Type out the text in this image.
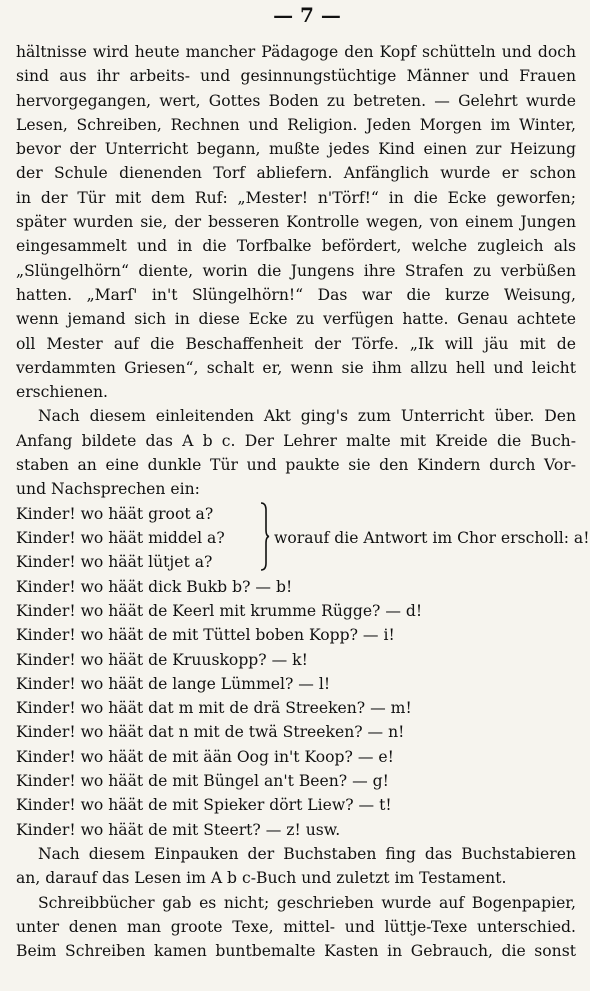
— 7 —
hältnisse wird heute mancher Pädagoge den Kopf schütteln und doch
sind aus ihr arbeits- und gesinnungstüchtige Männer und Frauen
hervorgegangen, wert, Gottes Boden zu betreten. — Gelehrt wurde
Lesen, Schreiben, Rechnen und Religion. Jeden Morgen im Winter,
bevor der Unterricht begann, mußte jedes Kind einen zur Heizung
der Schule dienenden Torf abliefern. Anfänglich wurde er schon
in der Tür mit dem Ruf: „Mester! n'Törf!“ in die Ecke geworfen;
später wurden sie, der besseren Kontrolle wegen, von einem Jungen
eingesammelt und in die Torfbalke befördert, welche zugleich als
„Slüngelhörn“ diente, worin die Jungens ihre Strafen zu verbüßen
hatten. „Marſ' in't Slüngelhörn!“ Das war die kurze Weisung,
wenn jemand sich in diese Ecke zu verfügen hatte. Genau achtete
oll Mester auf die Beschaffenheit der Törfe. „Ik will jäu mit de
verdammten Griesen“, schalt er, wenn sie ihm allzu hell und leicht
erschienen.
Nach diesem einleitenden Akt ging's zum Unterricht über. Den
Anfang bildete das A b c. Der Lehrer malte mit Kreide die Buch-
staben an eine dunkle Tür und paukte sie den Kindern durch Vor-
und Nachsprechen ein:
Kinder! wo häät groot a?
Kinder! wo häät middel a?
Kinder! wo häät lütjet a?
worauf die Antwort im Chor erscholl: a!
Kinder! wo häät dick Bukb b? — b!
Kinder! wo häät de Keerl mit krumme Rügge? — d!
Kinder! wo häät de mit Tüttel boben Kopp? — i!
Kinder! wo häät de Kruuskopp? — k!
Kinder! wo häät de lange Lümmel? — l!
Kinder! wo häät dat m mit de drä Streeken? — m!
Kinder! wo häät dat n mit de twä Streeken? — n!
Kinder! wo häät de mit ään Oog in't Koop? — e!
Kinder! wo häät de mit Büngel an't Been? — g!
Kinder! wo häät de mit Spieker dört Liew? — t!
Kinder! wo häät de mit Steert? — z! usw.
Nach diesem Einpauken der Buchstaben fing das Buchstabieren
an, darauf das Lesen im A b c-Buch und zuletzt im Testament.
Schreibbücher gab es nicht; geschrieben wurde auf Bogenpapier,
unter denen man groote Texe, mittel- und lüttje-Texe unterschied.
Beim Schreiben kamen buntbemalte Kasten in Gebrauch, die sonst
